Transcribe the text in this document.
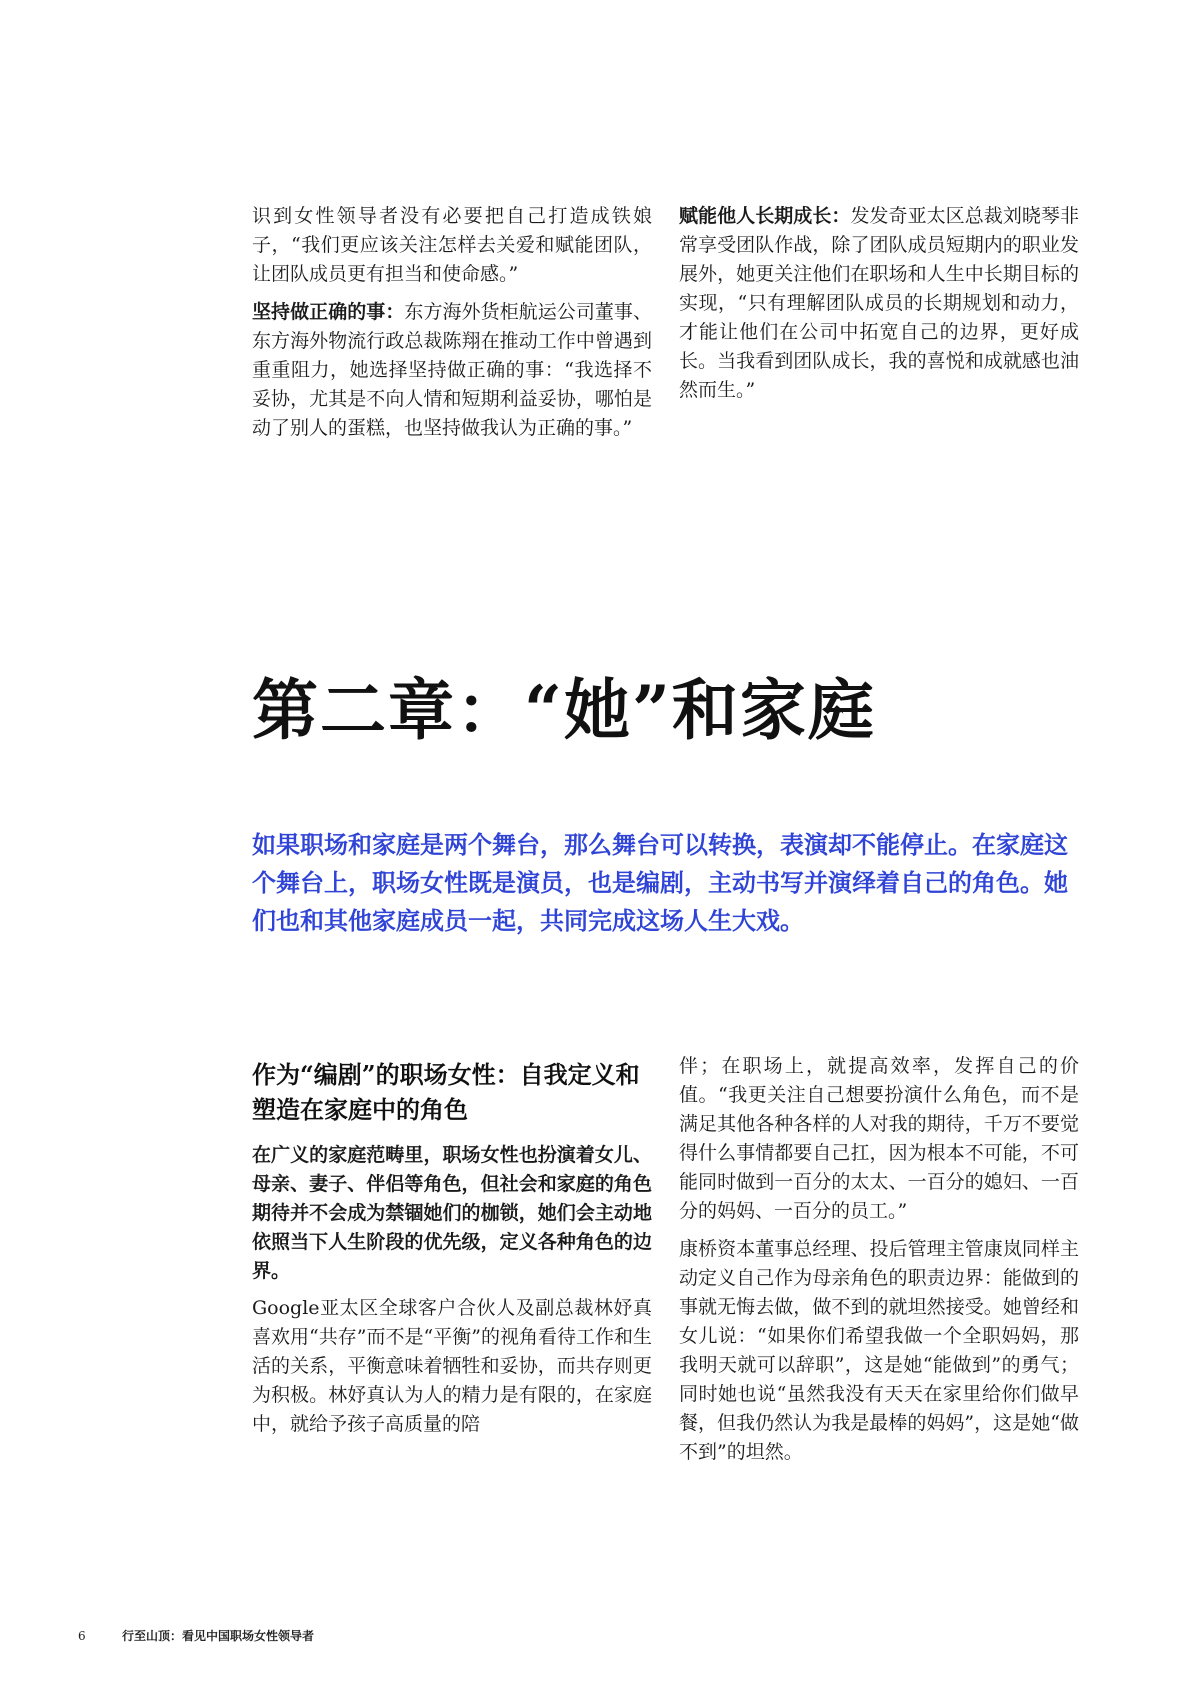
识到女性领导者没有必要把自己打造成铁娘子，“我们更应该关注怎样去关爱和赋能团队，让团队成员更有担当和使命感。”

坚持做正确的事：东方海外货柜航运公司董事、东方海外物流行政总裁陈翔在推动工作中曾遇到重重阻力，她选择坚持做正确的事：“我选择不妥协，尤其是不向人情和短期利益妥协，哪怕是动了别人的蛋糕，也坚持做我认为正确的事。”

赋能他人长期成长：发发奇亚太区总裁刘晓琴非常享受团队作战，除了团队成员短期内的职业发展外，她更关注他们在职场和人生中长期目标的实现，“只有理解团队成员的长期规划和动力，才能让他们在公司中拓宽自己的边界，更好成长。当我看到团队成长，我的喜悦和成就感也油然而生。”

第二章：“她”和家庭

如果职场和家庭是两个舞台，那么舞台可以转换，表演却不能停止。在家庭这个舞台上，职场女性既是演员，也是编剧，主动书写并演绎着自己的角色。她们也和其他家庭成员一起，共同完成这场人生大戏。

作为“编剧”的职场女性：自我定义和塑造在家庭中的角色

在广义的家庭范畴里，职场女性也扮演着女儿、母亲、妻子、伴侣等角色，但社会和家庭的角色期待并不会成为禁锢她们的枷锁，她们会主动地依照当下人生阶段的优先级，定义各种角色的边界。

Google亚太区全球客户合伙人及副总裁林妤真喜欢用“共存”而不是“平衡”的视角看待工作和生活的关系，平衡意味着牺牲和妥协，而共存则更为积极。林妤真认为人的精力是有限的，在家庭中，就给予孩子高质量的陪

伴；在职场上，就提高效率，发挥自己的价值。“我更关注自己想要扮演什么角色，而不是满足其他各种各样的人对我的期待，千万不要觉得什么事情都要自己扛，因为根本不可能，不可能同时做到一百分的太太、一百分的媳妇、一百分的妈妈、一百分的员工。”

康桥资本董事总经理、投后管理主管康岚同样主动定义自己作为母亲角色的职责边界：能做到的事就无悔去做，做不到的就坦然接受。她曾经和女儿说：“如果你们希望我做一个全职妈妈，那我明天就可以辞职”，这是她“能做到”的勇气；同时她也说“虽然我没有天天在家里给你们做早餐，但我仍然认为我是最棒的妈妈”，这是她“做不到”的坦然。

6	行至山顶：看见中国职场女性领导者
